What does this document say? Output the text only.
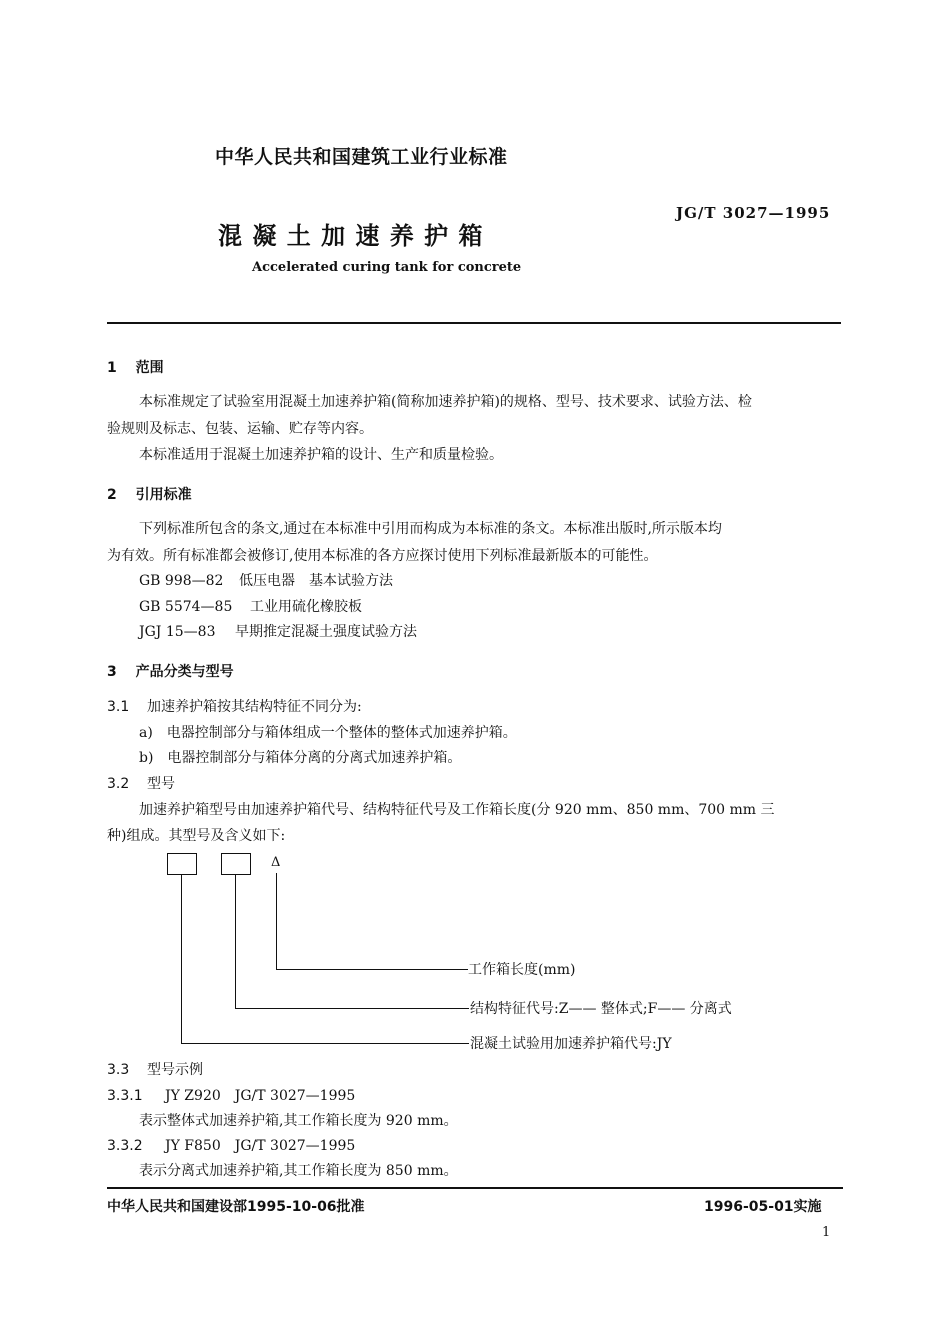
中华人民共和国建筑工业行业标准
混 凝 土 加 速 养 护 箱
JG/T 3027—1995
Accelerated curing tank for concrete
1 范围
本标准规定了试验室用混凝土加速养护箱(简称加速养护箱)的规格、型号、技术要求、试验方法、检
验规则及标志、包装、运输、贮存等内容。
本标准适用于混凝土加速养护箱的设计、生产和质量检验。
2 引用标准
下列标准所包含的条文,通过在本标准中引用而构成为本标准的条文。本标准出版时,所示版本均
为有效。所有标准都会被修订,使用本标准的各方应探讨使用下列标准最新版本的可能性。
GB 998—82 低压电器　基本试验方法
GB 5574—85 工业用硫化橡胶板
JGJ 15—83 早期推定混凝土强度试验方法
3 产品分类与型号
3.1 加速养护箱按其结构特征不同分为:
a)　电器控制部分与箱体组成一个整体的整体式加速养护箱。
b)　电器控制部分与箱体分离的分离式加速养护箱。
3.2 型号
加速养护箱型号由加速养护箱代号、结构特征代号及工作箱长度(分 920 mm、850 mm、700 mm 三
种)组成。其型号及含义如下:
Δ
工作箱长度(mm)
结构特征代号:Z—— 整体式;F—— 分离式
混凝土试验用加速养护箱代号:JY
3.3 型号示例
3.3.1 JY Z920　JG/T 3027—1995
表示整体式加速养护箱,其工作箱长度为 920 mm。
3.3.2 JY F850　JG/T 3027—1995
表示分离式加速养护箱,其工作箱长度为 850 mm。
中华人民共和国建设部1995-10-06批准	1996-05-01实施
1
